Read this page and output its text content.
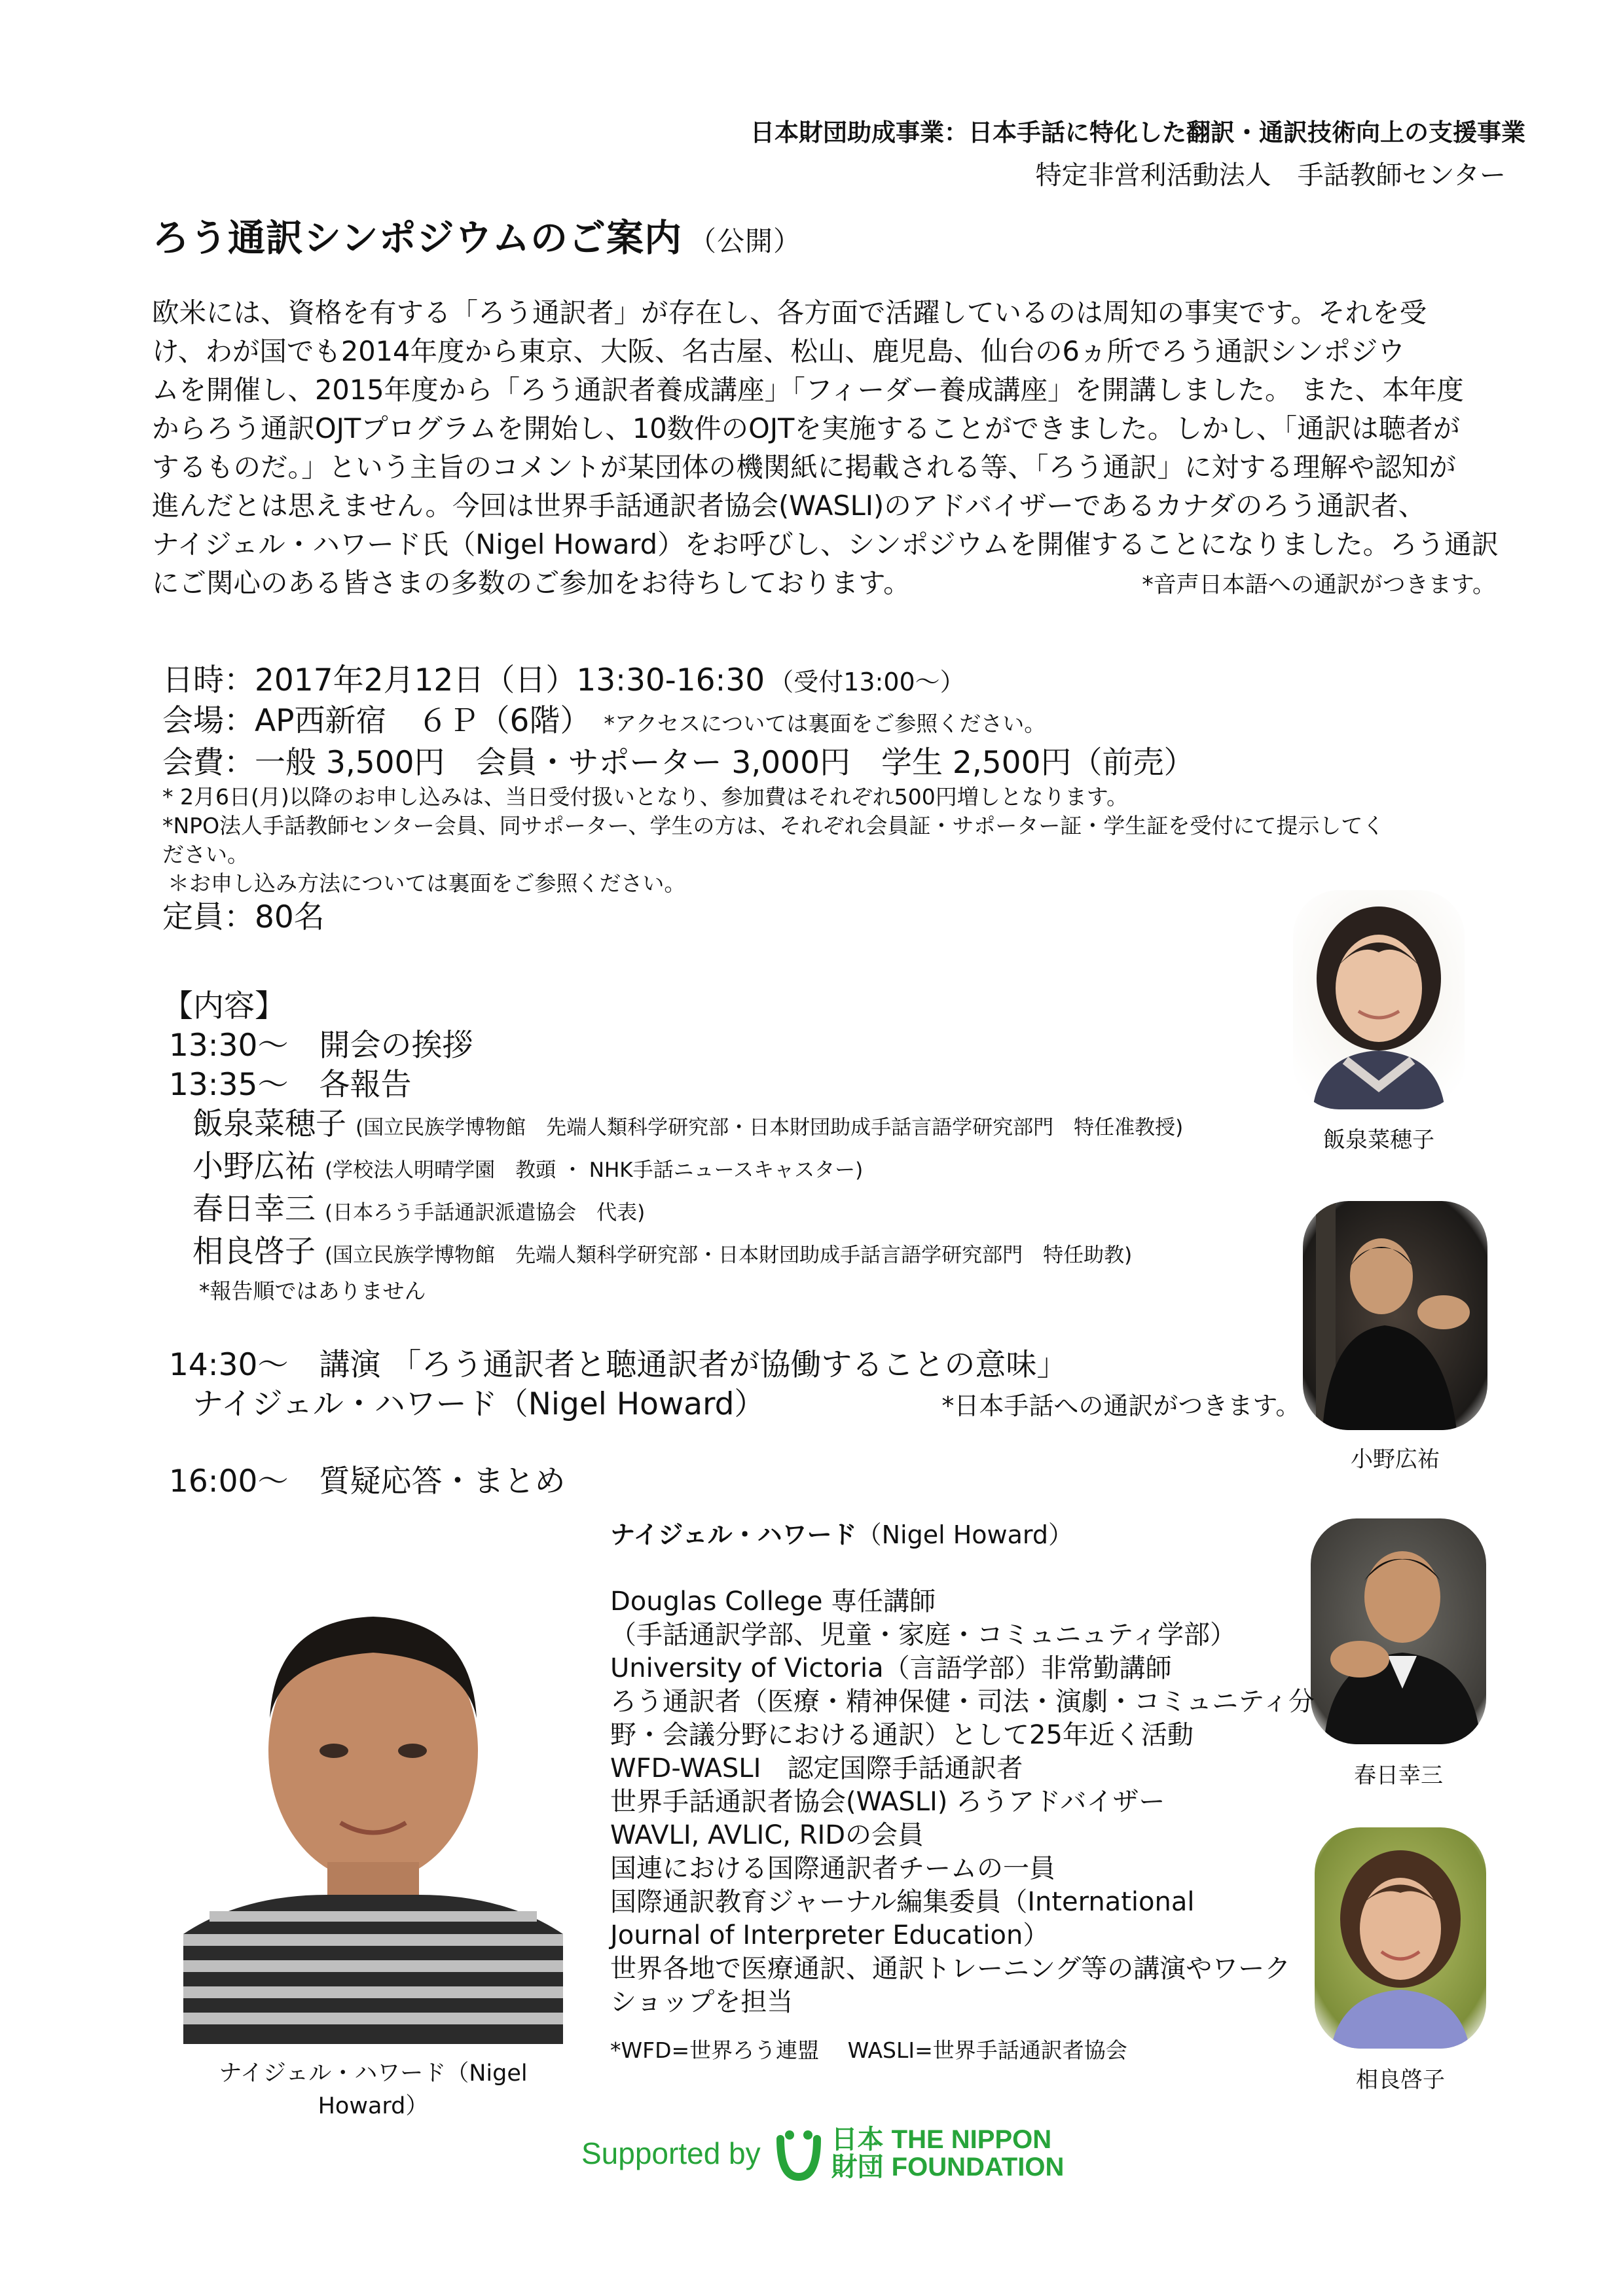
日本財団助成事業：日本手話に特化した翻訳・通訳技術向上の支援事業
特定非営利活動法人　手話教師センター
ろう通訳シンポジウムのご案内 （公開）
欧米には、資格を有する「ろう通訳者」が存在し、各方面で活躍しているのは周知の事実です。それを受
け、わが国でも2014年度から東京、大阪、名古屋、松山、鹿児島、仙台の6ヵ所でろう通訳シンポジウ
ムを開催し、2015年度から「ろう通訳者養成講座」「フィーダー養成講座」を開講しました。 また、本年度
からろう通訳OJTプログラムを開始し、10数件のOJTを実施することができました。しかし、「通訳は聴者が
するものだ。」という主旨のコメントが某団体の機関紙に掲載される等、「ろう通訳」に対する理解や認知が
進んだとは思えません。今回は世界手話通訳者協会(WASLI)のアドバイザーであるカナダのろう通訳者、
ナイジェル・ハワード氏（Nigel Howard）をお呼びし、シンポジウムを開催することになりました。ろう通訳
にご関心のある皆さまの多数のご参加をお待ちしております。	*音声日本語への通訳がつきます。
日時：2017年2月12日（日）13:30-16:30 （受付13:00～）
会場：AP西新宿　６Ｐ（6階） *アクセスについては裏面をご参照ください。
会費：一般 3,500円　会員・サポーター 3,000円　学生 2,500円（前売）
* 2月6日(月)以降のお申し込みは、当日受付扱いとなり、参加費はそれぞれ500円増しとなります。
*NPO法人手話教師センター会員、同サポーター、学生の方は、それぞれ会員証・サポーター証・学生証を受付にて提示してく
ださい。
＊お申し込み方法については裏面をご参照ください。
定員：80名
【内容】
13:30～　開会の挨拶
13:35～　各報告
飯泉菜穂子 (国立民族学博物館　先端人類科学研究部・日本財団助成手話言語学研究部門　特任准教授)
小野広祐 (学校法人明晴学園　教頭 ・ NHK手話ニュースキャスター)
春日幸三 (日本ろう手話通訳派遣協会　代表)
相良啓子 (国立民族学博物館　先端人類科学研究部・日本財団助成手話言語学研究部門　特任助教)
*報告順ではありません
14:30～　講演 「ろう通訳者と聴通訳者が協働することの意味」
ナイジェル・ハワード（Nigel Howard）	*日本手話への通訳がつきます。
16:00～　質疑応答・まとめ
飯泉菜穂子
小野広祐
春日幸三
相良啓子
ナイジェル・ハワード（Nigel Howard）
ナイジェル・ハワード（Nigel Howard）
Douglas College 専任講師
（手話通訳学部、児童・家庭・コミュニュティ学部）
University of Victoria（言語学部）非常勤講師
ろう通訳者（医療・精神保健・司法・演劇・コミュニティ分
野・会議分野における通訳）として25年近く活動
WFD-WASLI　認定国際手話通訳者
世界手話通訳者協会(WASLI) ろうアドバイザー
WAVLI, AVLIC, RIDの会員
国連における国際通訳者チームの一員
国際通訳教育ジャーナル編集委員（International
Journal of Interpreter Education）
世界各地で医療通訳、通訳トレーニング等の講演やワーク
ショップを担当
*WFD=世界ろう連盟　 WASLI=世界手話通訳者協会
Supported by	日本
財団
THE NIPPON
FOUNDATION
